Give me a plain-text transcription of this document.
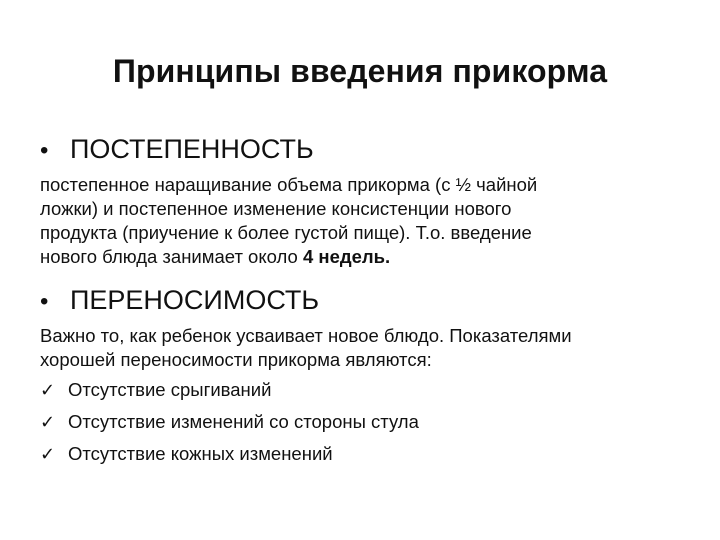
Принципы введения прикорма
• ПОСТЕПЕННОСТЬ
постепенное наращивание объема прикорма (с ½ чайной
ложки) и постепенное изменение консистенции нового
продукта (приучение к более густой пище). Т.о. введение
нового блюда занимает около 4 недель.
• ПЕРЕНОСИМОСТЬ
Важно то, как ребенок усваивает новое блюдо. Показателями
хорошей переносимости прикорма являются:
✓ Отсутствие срыгиваний
✓ Отсутствие изменений со стороны стула
✓ Отсутствие кожных изменений
